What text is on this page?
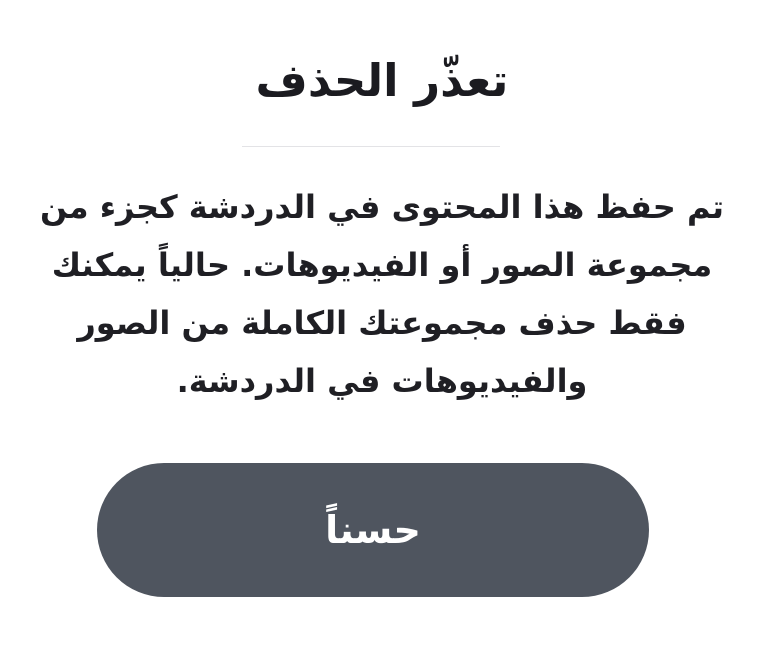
تعذّر الحذف

تم حفظ هذا المحتوى في الدردشة كجزء من مجموعة الصور أو الفيديوهات. حالياً يمكنك فقط حذف مجموعتك الكاملة من الصور والفيديوهات في الدردشة.

حسناً
